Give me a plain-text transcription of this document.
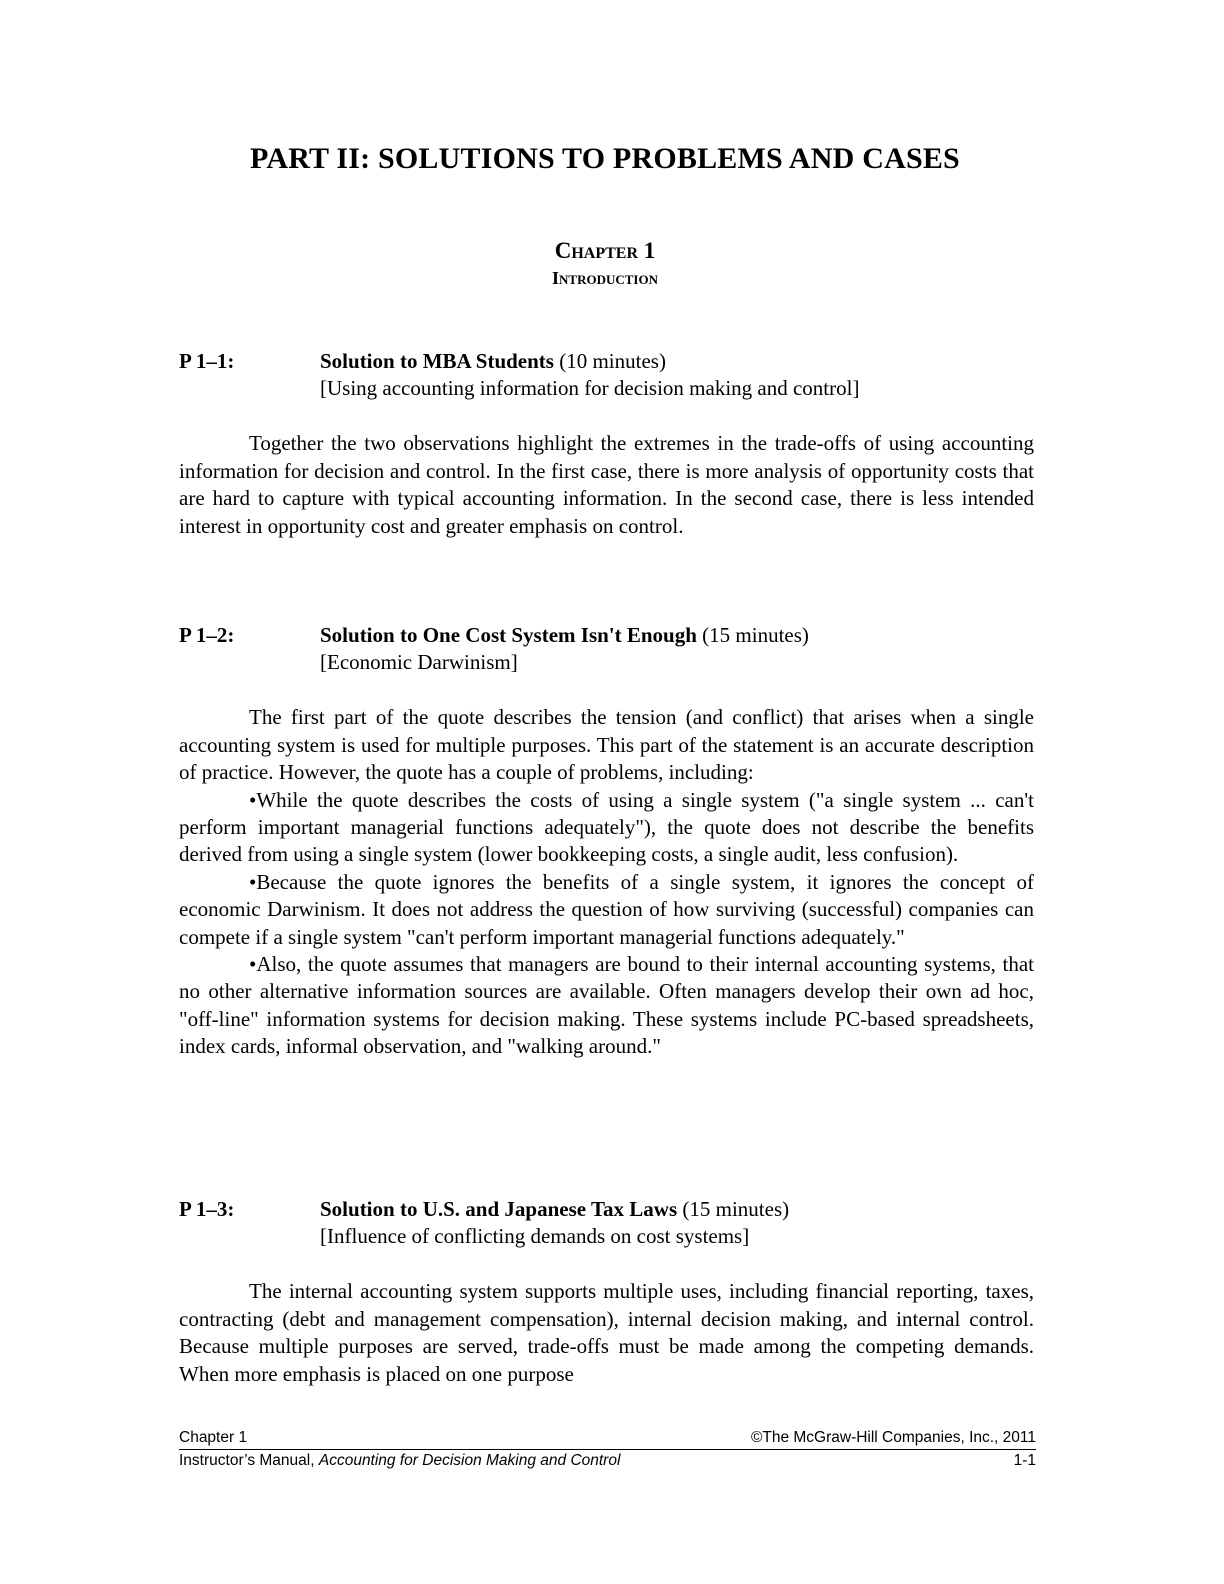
PART II: SOLUTIONS TO PROBLEMS AND CASES
Chapter 1
Introduction
P 1–1:	Solution to MBA Students (10 minutes)
[Using accounting information for decision making and control]

Together the two observations highlight the extremes in the trade-offs of using accounting information for decision and control. In the first case, there is more analysis of opportunity costs that are hard to capture with typical accounting information. In the second case, there is less intended interest in opportunity cost and greater emphasis on control.

P 1–2:	Solution to One Cost System Isn't Enough (15 minutes)
[Economic Darwinism]

The first part of the quote describes the tension (and conflict) that arises when a single accounting system is used for multiple purposes. This part of the statement is an accurate description of practice. However, the quote has a couple of problems, including:

•While the quote describes the costs of using a single system ("a single system ... can't perform important managerial functions adequately"), the quote does not describe the benefits derived from using a single system (lower bookkeeping costs, a single audit, less confusion).

•Because the quote ignores the benefits of a single system, it ignores the concept of economic Darwinism. It does not address the question of how surviving (successful) companies can compete if a single system "can't perform important managerial functions adequately."

•Also, the quote assumes that managers are bound to their internal accounting systems, that no other alternative information sources are available. Often managers develop their own ad hoc, "off-line" information systems for decision making. These systems include PC-based spreadsheets, index cards, informal observation, and "walking around."

P 1–3:	Solution to U.S. and Japanese Tax Laws (15 minutes)
[Influence of conflicting demands on cost systems]

The internal accounting system supports multiple uses, including financial reporting, taxes, contracting (debt and management compensation), internal decision making, and internal control. Because multiple purposes are served, trade-offs must be made among the competing demands. When more emphasis is placed on one purpose

Chapter 1	©The McGraw-Hill Companies, Inc., 2011
Instructor’s Manual, Accounting for Decision Making and Control	1-1
